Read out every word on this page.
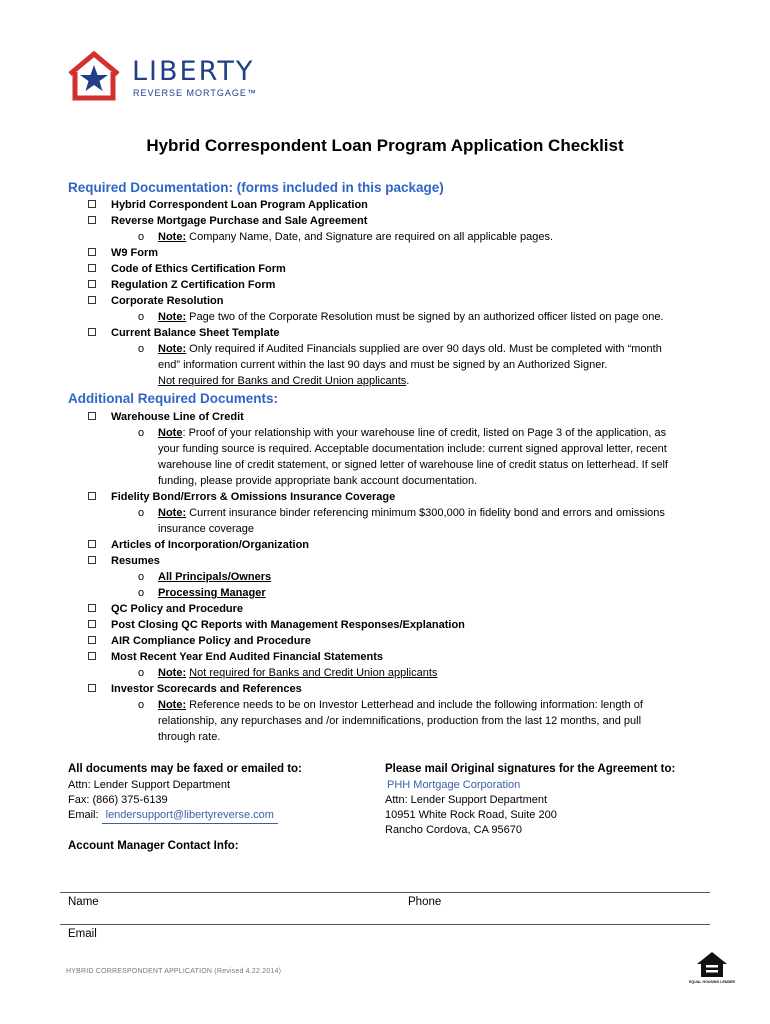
LIBERTY
REVERSE MORTGAGE™
Hybrid Correspondent Loan Program Application Checklist
Required Documentation: (forms included in this package)
Hybrid Correspondent Loan Program Application
Reverse Mortgage Purchase and Sale Agreement
o Note: Company Name, Date, and Signature are required on all applicable pages.
W9 Form
Code of Ethics Certification Form
Regulation Z Certification Form
Corporate Resolution
o Note: Page two of the Corporate Resolution must be signed by an authorized officer listed on page one.
Current Balance Sheet Template
o Note: Only required if Audited Financials supplied are over 90 days old. Must be completed with “month
end” information current within the last 90 days and must be signed by an Authorized Signer.
Not required for Banks and Credit Union applicants.
Additional Required Documents:
Warehouse Line of Credit
o Note: Proof of your relationship with your warehouse line of credit, listed on Page 3 of the application, as
your funding source is required. Acceptable documentation include: current signed approval letter, recent
warehouse line of credit statement, or signed letter of warehouse line of credit status on letterhead. If self
funding, please provide appropriate bank account documentation.
Fidelity Bond/Errors & Omissions Insurance Coverage
o Note: Current insurance binder referencing minimum $300,000 in fidelity bond and errors and omissions
insurance coverage
Articles of Incorporation/Organization
Resumes
o All Principals/Owners
o Processing Manager
QC Policy and Procedure
Post Closing QC Reports with Management Responses/Explanation
AIR Compliance Policy and Procedure
Most Recent Year End Audited Financial Statements
o Note: Not required for Banks and Credit Union applicants
Investor Scorecards and References
o Note: Reference needs to be on Investor Letterhead and include the following information: length of
relationship, any repurchases and /or indemnifications, production from the last 12 months, and pull
through rate.
All documents may be faxed or emailed to:
Attn: Lender Support Department
Fax: (866) 375-6139
Email: lendersupport@libertyreverse.com
Please mail Original signatures for the Agreement to:
PHH Mortgage Corporation
Attn: Lender Support Department
10951 White Rock Road, Suite 200
Rancho Cordova, CA 95670
Account Manager Contact Info:
Name	Phone
Email
HYBRID CORRESPONDENT APPLICATION (Revised 4.22.2014)
EQUAL HOUSING LENDER
